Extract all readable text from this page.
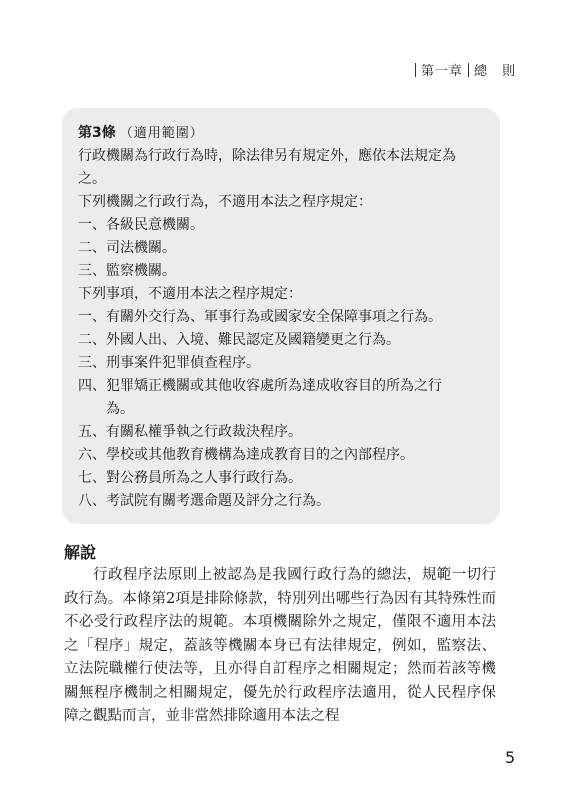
第一章 總　則
第3條 （適用範圍）
行政機關為行政行為時，除法律另有規定外，應依本法規定為
之。
下列機關之行政行為，不適用本法之程序規定：
一、各級民意機關。
二、司法機關。
三、監察機關。
下列事項，不適用本法之程序規定：
一、有關外交行為、軍事行為或國家安全保障事項之行為。
二、外國人出、入境、難民認定及國籍變更之行為。
三、刑事案件犯罪偵查程序。
四、犯罪矯正機關或其他收容處所為達成收容目的所為之行
　　為。
五、有關私權爭執之行政裁決程序。
六、學校或其他教育機構為達成教育目的之內部程序。
七、對公務員所為之人事行政行為。
八、考試院有關考選命題及評分之行為。
解說
行政程序法原則上被認為是我國行政行為的總法，規範一切行政行為。本條第2項是排除條款，特別列出哪些行為因有其特殊性而不必受行政程序法的規範。本項機關除外之規定，僅限不適用本法之「程序」規定，蓋該等機關本身已有法律規定，例如，監察法、立法院職權行使法等，且亦得自訂程序之相關規定；然而若該等機關無程序機制之相關規定，優先於行政程序法適用，從人民程序保障之觀點而言，並非當然排除適用本法之程
5
